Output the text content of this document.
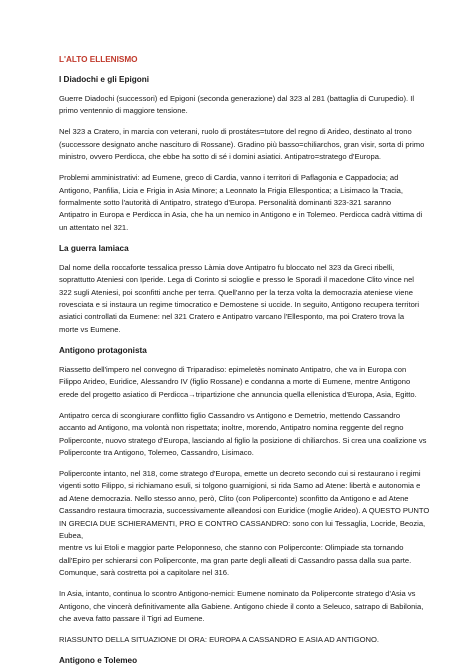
L'ALTO ELLENISMO
I Diadochi e gli Epigoni

Guerre Diadochi (successori) ed Epigoni (seconda generazione) dal 323 al 281 (battaglia di Curupedio). Il
primo ventennio di maggiore tensione.

Nel 323 a Cratero, in marcia con veterani, ruolo di prostátes=tutore del regno di Arideo, destinato al trono
(successore designato anche nascituro di Rossane). Gradino più basso=chiliarchos, gran visir, sorta di primo
ministro, ovvero Perdicca, che ebbe ha sotto di sé i domini asiatici. Antipatro=stratego d'Europa.

Problemi amministrativi: ad Eumene, greco di Cardia, vanno i territori di Paflagonia e Cappadocia; ad
Antigono, Panfilia, Licia e Frigia in Asia Minore; a Leonnato la Frigia Ellespontica; a Lisimaco la Tracia,
formalmente sotto l'autorità di Antipatro, stratego d'Europa. Personalità dominanti 323-321 saranno
Antipatro in Europa e Perdicca in Asia, che ha un nemico in Antigono e in Tolemeo. Perdicca cadrà vittima di
un attentato nel 321.

La guerra lamiaca

Dal nome della roccaforte tessalica presso Làmia dove Antipatro fu bloccato nel 323 da Greci ribelli,
soprattutto Ateniesi con Iperide. Lega di Corinto si scioglie e presso le Sporadi il macedone Clito vince nel
322 sugli Ateniesi, poi sconfitti anche per terra. Quell'anno per la terza volta la democrazia ateniese viene
rovesciata e si instaura un regime timocratico e Demostene si uccide. In seguito, Antigono recupera territori
asiatici controllati da Eumene: nel 321 Cratero e Antipatro varcano l'Ellesponto, ma poi Cratero trova la
morte vs Eumene.

Antigono protagonista

Riassetto dell'impero nel convegno di Triparadiso: epimeletès nominato Antipatro, che va in Europa con
Filippo Arideo, Euridice, Alessandro IV (figlio Rossane) e condanna a morte di Eumene, mentre Antigono
erede del progetto asiatico di Perdicca→tripartizione che annuncia quella ellenistica d'Europa, Asia, Egitto.

Antipatro cerca di scongiurare conflitto figlio Cassandro vs Antigono e Demetrio, mettendo Cassandro
accanto ad Antigono, ma volontà non rispettata; inoltre, morendo, Antipatro nomina reggente del regno
Poliperconte, nuovo stratego d'Europa, lasciando al figlio la posizione di chiliarchos. Si crea una coalizione vs
Poliperconte tra Antigono, Tolemeo, Cassandro, Lisimaco.

Poliperconte intanto, nel 318, come stratego d'Europa, emette un decreto secondo cui si restaurano i regimi
vigenti sotto Filippo, si richiamano esuli, si tolgono guarnigioni, si rida Samo ad Atene: libertà e autonomia e
ad Atene democrazia. Nello stesso anno, però, Clito (con Poliperconte) sconfitto da Antigono e ad Atene
Cassandro restaura timocrazia, successivamente alleandosi con Euridice (moglie Arideo). A QUESTO PUNTO
IN GRECIA DUE SCHIERAMENTI, PRO E CONTRO CASSANDRO: sono con lui Tessaglia, Locride, Beozia, Eubea,
mentre vs lui Etoli e maggior parte Peloponneso, che stanno con Poliperconte: Olimpiade sta tornando
dall'Epiro per schierarsi con Poliperconte, ma gran parte degli alleati di Cassandro passa dalla sua parte.
Comunque, sarà costretta poi a capitolare nel 316.

In Asia, intanto, continua lo scontro Antigono-nemici: Eumene nominato da Poliperconte stratego d'Asia vs
Antigono, che vincerà definitivamente alla Gabiene. Antigono chiede il conto a Seleuco, satrapo di Babilonia,
che aveva fatto passare il Tigri ad Eumene.

RIASSUNTO DELLA SITUAZIONE DI ORA: EUROPA A CASSANDRO E ASIA AD ANTIGONO.

Antigono e Tolemeo
